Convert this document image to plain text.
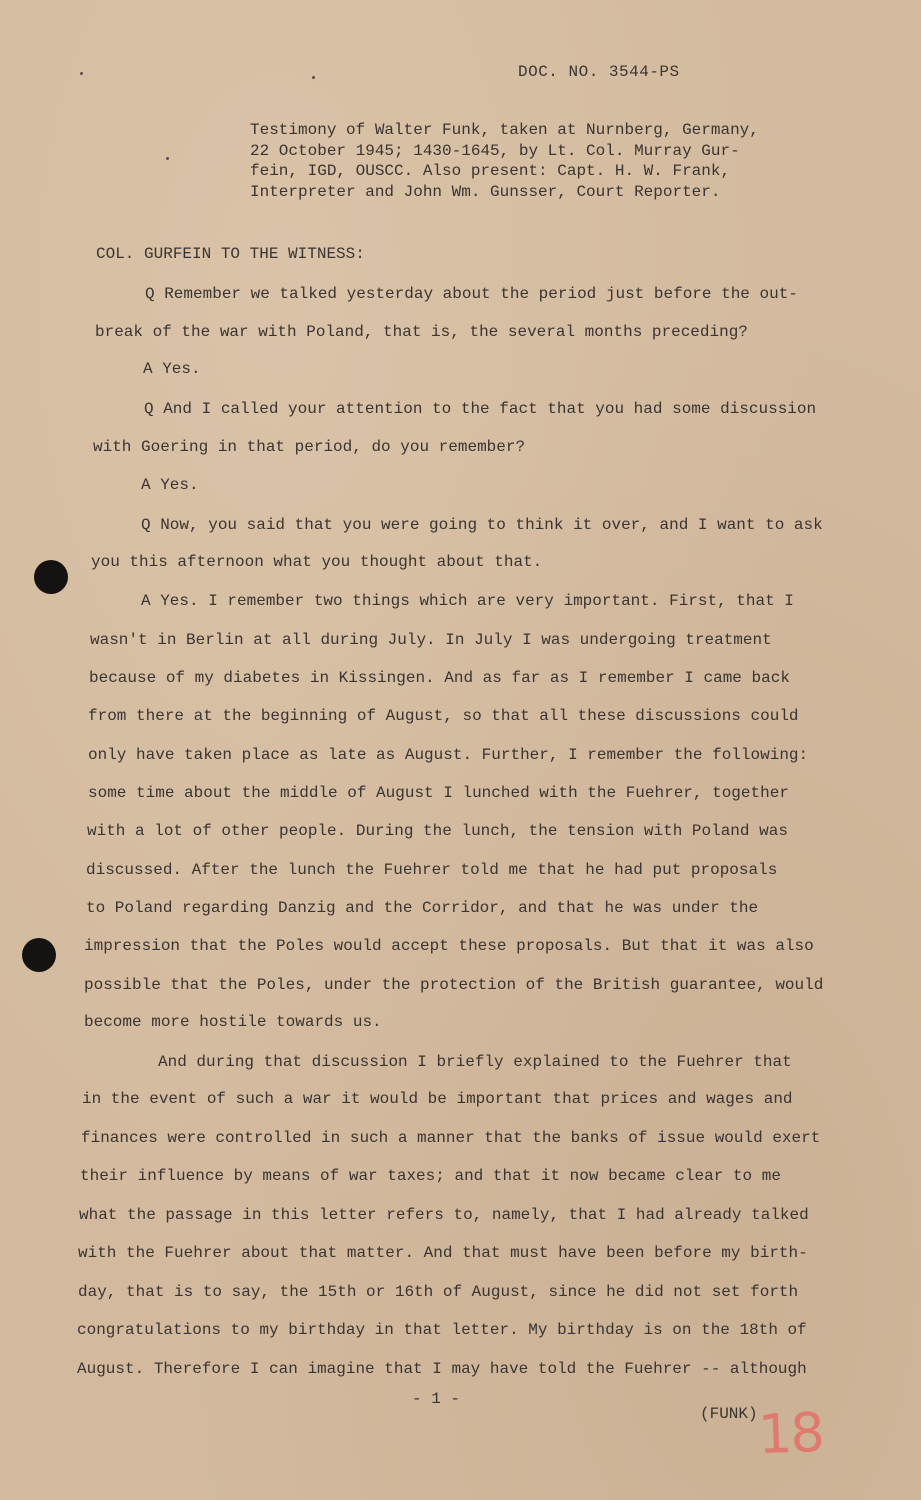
DOC. NO. 3544-PS
Testimony of Walter Funk, taken at Nurnberg, Germany,
22 October 1945; 1430-1645, by Lt. Col. Murray Gur-
fein, IGD, OUSCC. Also present: Capt. H. W. Frank,
Interpreter and John Wm. Gunsser, Court Reporter.
COL. GURFEIN TO THE WITNESS:
Q Remember we talked yesterday about the period just before the out-
break of the war with Poland, that is, the several months preceding?
A Yes.
Q And I called your attention to the fact that you had some discussion
with Goering in that period, do you remember?
A Yes.
Q Now, you said that you were going to think it over, and I want to ask
you this afternoon what you thought about that.
A Yes. I remember two things which are very important. First, that I
wasn't in Berlin at all during July. In July I was undergoing treatment
because of my diabetes in Kissingen. And as far as I remember I came back
from there at the beginning of August, so that all these discussions could
only have taken place as late as August. Further, I remember the following:
some time about the middle of August I lunched with the Fuehrer, together
with a lot of other people. During the lunch, the tension with Poland was
discussed. After the lunch the Fuehrer told me that he had put proposals
to Poland regarding Danzig and the Corridor, and that he was under the
impression that the Poles would accept these proposals. But that it was also
possible that the Poles, under the protection of the British guarantee, would
become more hostile towards us.
And during that discussion I briefly explained to the Fuehrer that
in the event of such a war it would be important that prices and wages and
finances were controlled in such a manner that the banks of issue would exert
their influence by means of war taxes; and that it now became clear to me
what the passage in this letter refers to, namely, that I had already talked
with the Fuehrer about that matter. And that must have been before my birth-
day, that is to say, the 15th or 16th of August, since he did not set forth
congratulations to my birthday in that letter. My birthday is on the 18th of
August. Therefore I can imagine that I may have told the Fuehrer -- although
- 1 -
(FUNK) 18
